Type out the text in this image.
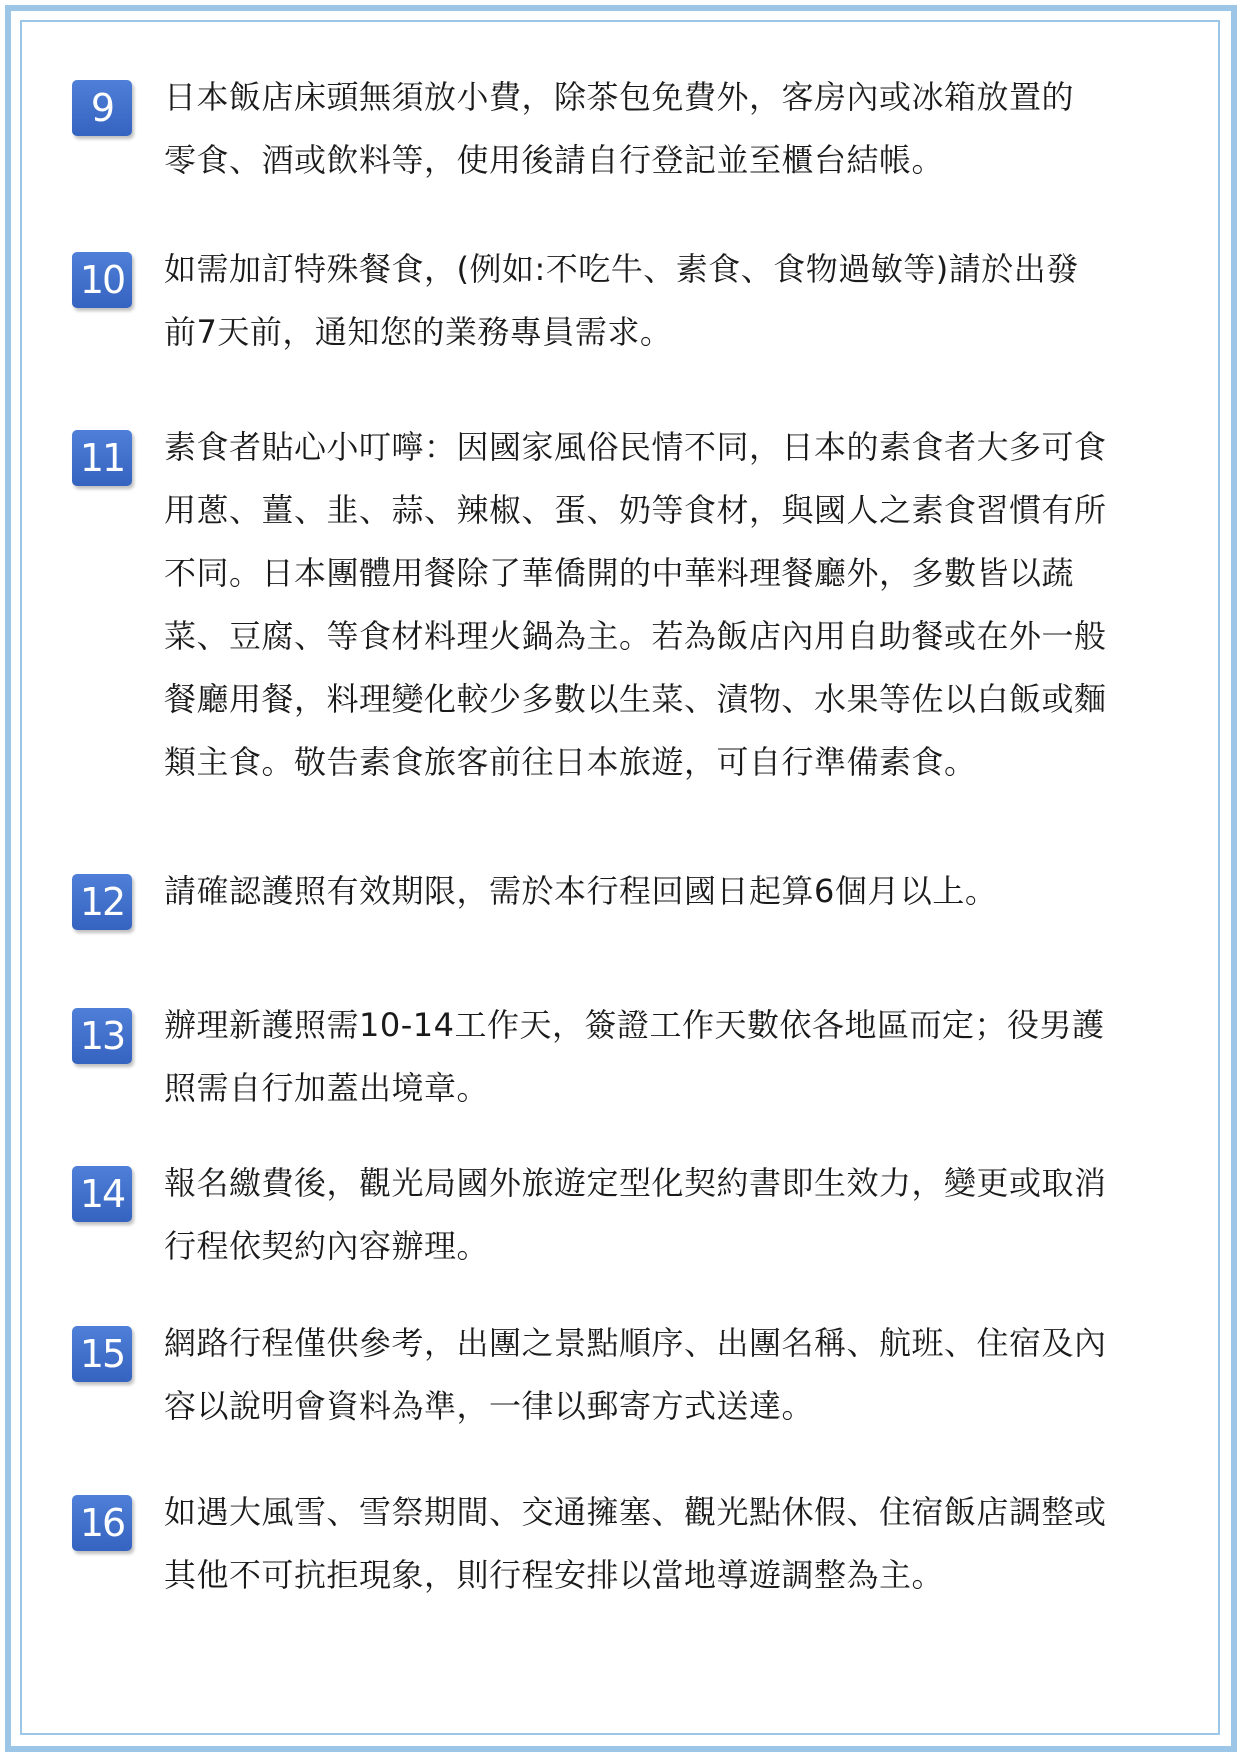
9	日本飯店床頭無須放小費，除茶包免費外，客房內或冰箱放置的
零食、酒或飲料等，使用後請自行登記並至櫃台結帳。
10 如需加訂特殊餐食，(例如:不吃牛、素食、食物過敏等)請於出發
前7天前，通知您的業務專員需求。
11 素食者貼心小叮嚀：因國家風俗民情不同，日本的素食者大多可食
用蔥、薑、韭、蒜、辣椒、蛋、奶等食材，與國人之素食習慣有所
不同。日本團體用餐除了華僑開的中華料理餐廳外，多數皆以蔬
菜、豆腐、等食材料理火鍋為主。若為飯店內用自助餐或在外一般
餐廳用餐，料理變化較少多數以生菜、漬物、水果等佐以白飯或麵
類主食。敬告素食旅客前往日本旅遊，可自行準備素食。
12 請確認護照有效期限，需於本行程回國日起算6個月以上。
13 辦理新護照需10-14工作天，簽證工作天數依各地區而定；役男護
照需自行加蓋出境章。
14 報名繳費後，觀光局國外旅遊定型化契約書即生效力，變更或取消
行程依契約內容辦理。
15 網路行程僅供參考，出團之景點順序、出團名稱、航班、住宿及內
容以說明會資料為準，一律以郵寄方式送達。
16 如遇大風雪、雪祭期間、交通擁塞、觀光點休假、住宿飯店調整或
其他不可抗拒現象，則行程安排以當地導遊調整為主。
